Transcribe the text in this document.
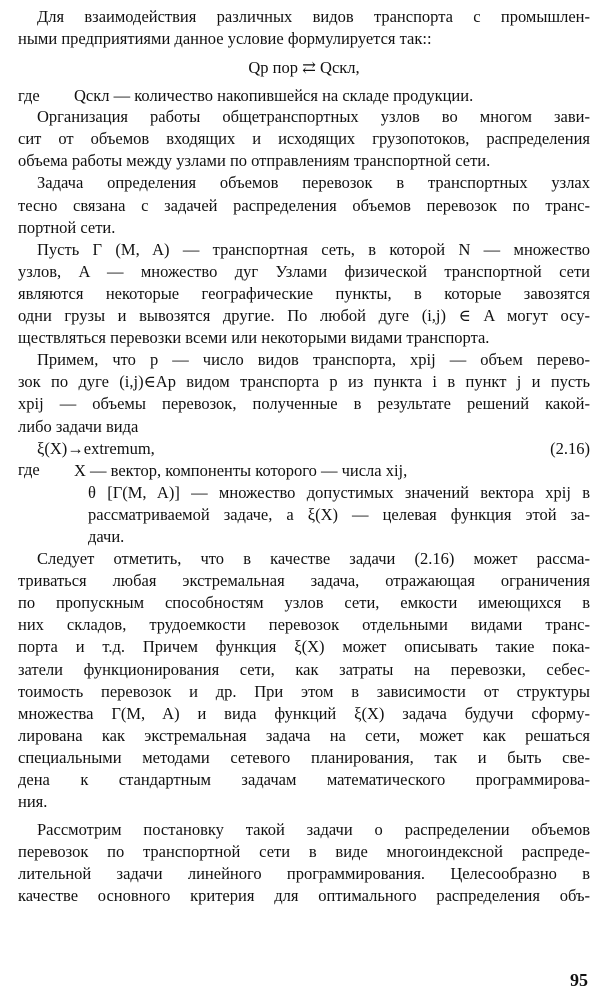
Для взаимодействия различных видов транспорта с промышлен-
ными предприятиями данное условие формулируется так::
Qp пор ⇄ Qскл,
где	Qскл — количество накопившейся на складе продукции.
Организация работы общетранспортных узлов во многом зави-
сит от объемов входящих и исходящих грузопотоков, распределения
объема работы между узлами по отправлениям транспортной сети.
Задача определения объемов перевозок в транспортных узлах
тесно связана с задачей распределения объемов перевозок по транс-
портной сети.
Пусть Г (M, A) — транспортная сеть, в которой N — множество
узлов, A — множество дуг Узлами физической транспортной сети
являются некоторые географические пункты, в которые завозятся
одни грузы и вывозятся другие. По любой дуге (i,j) ∈ A могут осу-
ществляться перевозки всеми или некоторыми видами транспорта.
Примем, что p — число видов транспорта, xpij — объем перево-
зок по дуге (i,j)∈Ap видом транспорта p из пункта i в пункт j и пусть
xpij — объемы перевозок, полученные в результате решений какой-
либо задачи вида
ξ(X)→extremum,	(2.16)
где	X — вектор, компоненты которого — числа xij,
θ [Г(M, A)] — множество допустимых значений вектора xpij в
рассматриваемой задаче, а ξ(X) — целевая функция этой за-
дачи.
Следует отметить, что в качестве задачи (2.16) может рассма-
триваться любая экстремальная задача, отражающая ограничения
по пропускным способностям узлов сети, емкости имеющихся в
них складов, трудоемкости перевозок отдельными видами транс-
порта и т.д. Причем функция ξ(X) может описывать такие пока-
затели функционирования сети, как затраты на перевозки, себес-
тоимость перевозок и др. При этом в зависимости от структуры
множества Г(M, A) и вида функций ξ(X) задача будучи сформу-
лирована как экстремальная задача на сети, может как решаться
специальными методами сетевого планирования, так и быть све-
дена к стандартным задачам математического программирова-
ния.
Рассмотрим постановку такой задачи о распределении объемов
перевозок по транспортной сети в виде многоиндексной распреде-
лительной задачи линейного программирования. Целесообразно в
качестве основного критерия для оптимального распределения объ-
95
